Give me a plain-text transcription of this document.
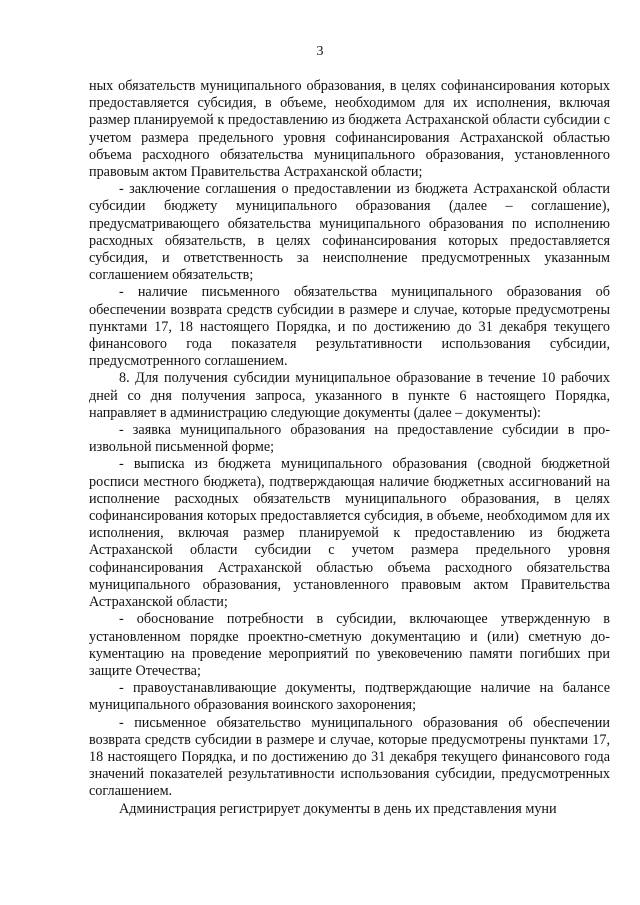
3

ных обязательств муниципального образования, в целях софинансирования которых предоставляется субсидия, в объеме, необходимом для их исполнения, включая размер планируемой к предоставлению из бюджета Астраханской области субсидии с учетом размера предельного уровня софинансирования Астраханской областью объема расходного обязательства муниципального образования, установленного правовым актом Правительства Астраханской области;

- заключение соглашения о предоставлении из бюджета Астраханской области субсидии бюджету муниципального образования (далее – соглашение), предусматривающего обязательства муниципального образования по исполнению расходных обязательств, в целях софинансирования которых предоставляется субсидия, и ответственность за неисполнение предусмотренных указанным соглашением обязательств;

- наличие письменного обязательства муниципального образования об обеспечении возврата средств субсидии в размере и случае, которые предусмотрены пунктами 17, 18 настоящего Порядка, и по достижению до 31 декабря текущего финансового года показателя результативности использования субсидии, предусмотренного соглашением.

8. Для получения субсидии муниципальное образование в течение 10 рабочих дней со дня получения запроса, указанного в пункте 6 настоящего Порядка, направляет в администрацию следующие документы (далее – документы):

- заявка муниципального образования на предоставление субсидии в произвольной письменной форме;

- выписка из бюджета муниципального образования (сводной бюджетной росписи местного бюджета), подтверждающая наличие бюджетных ассигнований на исполнение расходных обязательств муниципального образования, в целях софинансирования которых предоставляется субсидия, в объеме, необходимом для их исполнения, включая размер планируемой к предоставлению из бюджета Астраханской области субсидии с учетом размера предельного уровня софинансирования Астраханской областью объема расходного обязательства муниципального образования, установленного правовым актом Правительства Астраханской области;

- обоснование потребности в субсидии, включающее утвержденную в установленном порядке проектно-сметную документацию и (или) сметную документацию на проведение мероприятий по увековечению памяти погибших при защите Отечества;

- правоустанавливающие документы, подтверждающие наличие на балансе муниципального образования воинского захоронения;

- письменное обязательство муниципального образования об обеспечении возврата средств субсидии в размере и случае, которые предусмотрены пунктами 17, 18 настоящего Порядка, и по достижению до 31 декабря текущего финансового года значений показателей результативности использования субсидии, предусмотренных соглашением.

Администрация регистрирует документы в день их представления муни
